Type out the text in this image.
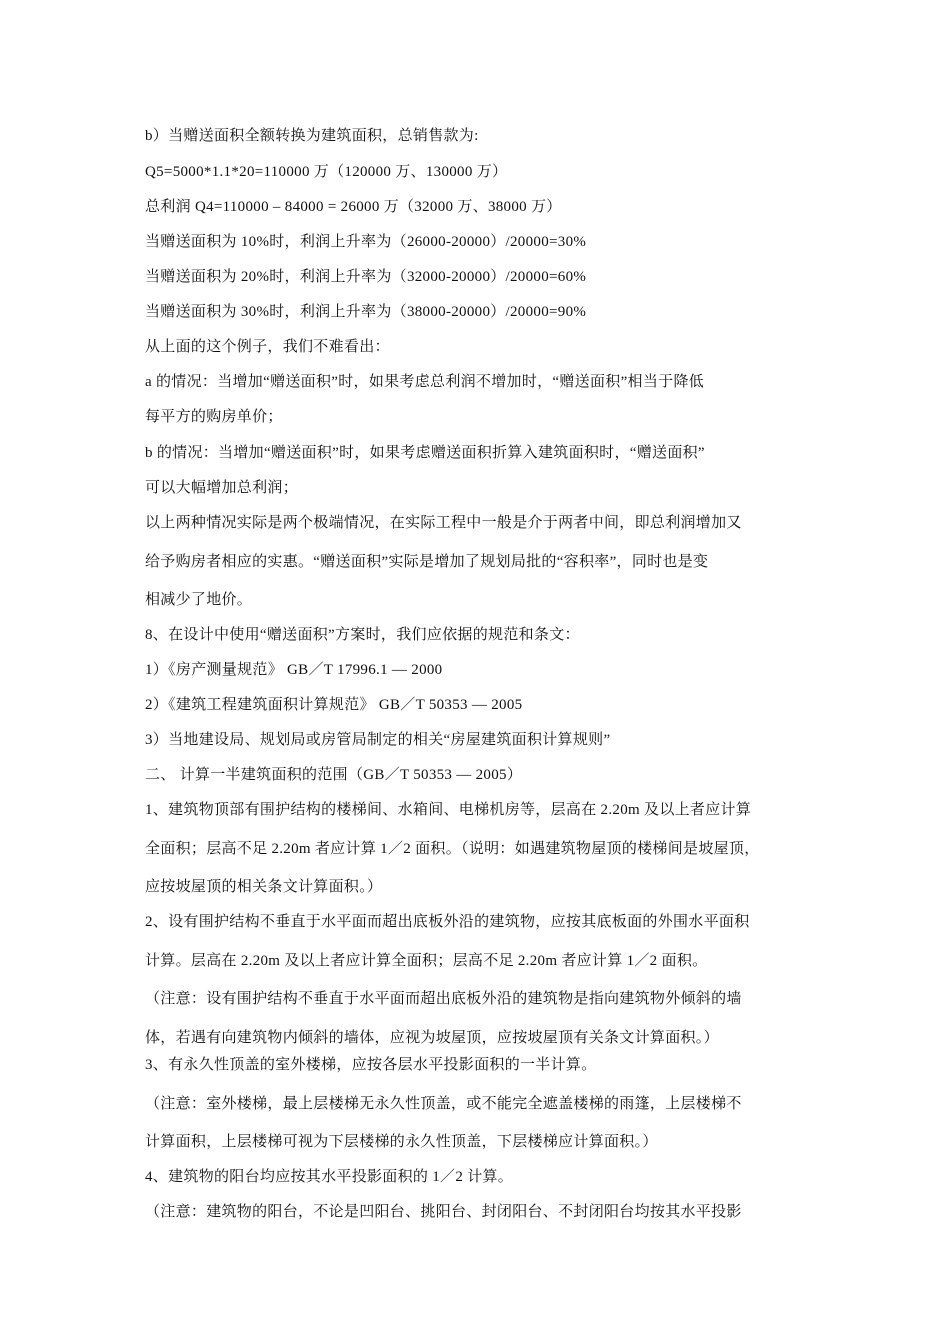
b）当赠送面积全额转换为建筑面积，总销售款为:
Q5=5000*1.1*20=110000 万（120000 万、130000 万）
总利润 Q4=110000 – 84000 = 26000 万（32000 万、38000 万）
当赠送面积为 10%时，利润上升率为（26000-20000）/20000=30%
当赠送面积为 20%时，利润上升率为（32000-20000）/20000=60%
当赠送面积为 30%时，利润上升率为（38000-20000）/20000=90%
从上面的这个例子，我们不难看出：
a 的情况：当增加“赠送面积”时，如果考虑总利润不增加时，“赠送面积”相当于降低
每平方的购房单价；
b 的情况：当增加“赠送面积”时，如果考虑赠送面积折算入建筑面积时，“赠送面积”
可以大幅增加总利润；
以上两种情况实际是两个极端情况，在实际工程中一般是介于两者中间，即总利润增加又
给予购房者相应的实惠。“赠送面积”实际是增加了规划局批的“容积率”，同时也是变
相减少了地价。
8、在设计中使用“赠送面积”方案时，我们应依据的规范和条文：
1）《房产测量规范》 GB／T 17996.1 — 2000
2）《建筑工程建筑面积计算规范》 GB／T 50353 — 2005
3）当地建设局、规划局或房管局制定的相关“房屋建筑面积计算规则”
二、 计算一半建筑面积的范围（GB／T 50353 — 2005）
1、建筑物顶部有围护结构的楼梯间、水箱间、电梯机房等，层高在 2.20m 及以上者应计算
全面积；层高不足 2.20m 者应计算 1／2 面积。（说明：如遇建筑物屋顶的楼梯间是坡屋顶，
应按坡屋顶的相关条文计算面积。）
2、设有围护结构不垂直于水平面而超出底板外沿的建筑物，应按其底板面的外围水平面积
计算。层高在 2.20m 及以上者应计算全面积；层高不足 2.20m 者应计算 1／2 面积。
（注意：设有围护结构不垂直于水平面而超出底板外沿的建筑物是指向建筑物外倾斜的墙
体，若遇有向建筑物内倾斜的墙体，应视为坡屋顶，应按坡屋顶有关条文计算面积。）
3、有永久性顶盖的室外楼梯，应按各层水平投影面积的一半计算。
（注意：室外楼梯，最上层楼梯无永久性顶盖，或不能完全遮盖楼梯的雨篷，上层楼梯不
计算面积，上层楼梯可视为下层楼梯的永久性顶盖，下层楼梯应计算面积。）
4、建筑物的阳台均应按其水平投影面积的 1／2 计算。
（注意：建筑物的阳台，不论是凹阳台、挑阳台、封闭阳台、不封闭阳台均按其水平投影
